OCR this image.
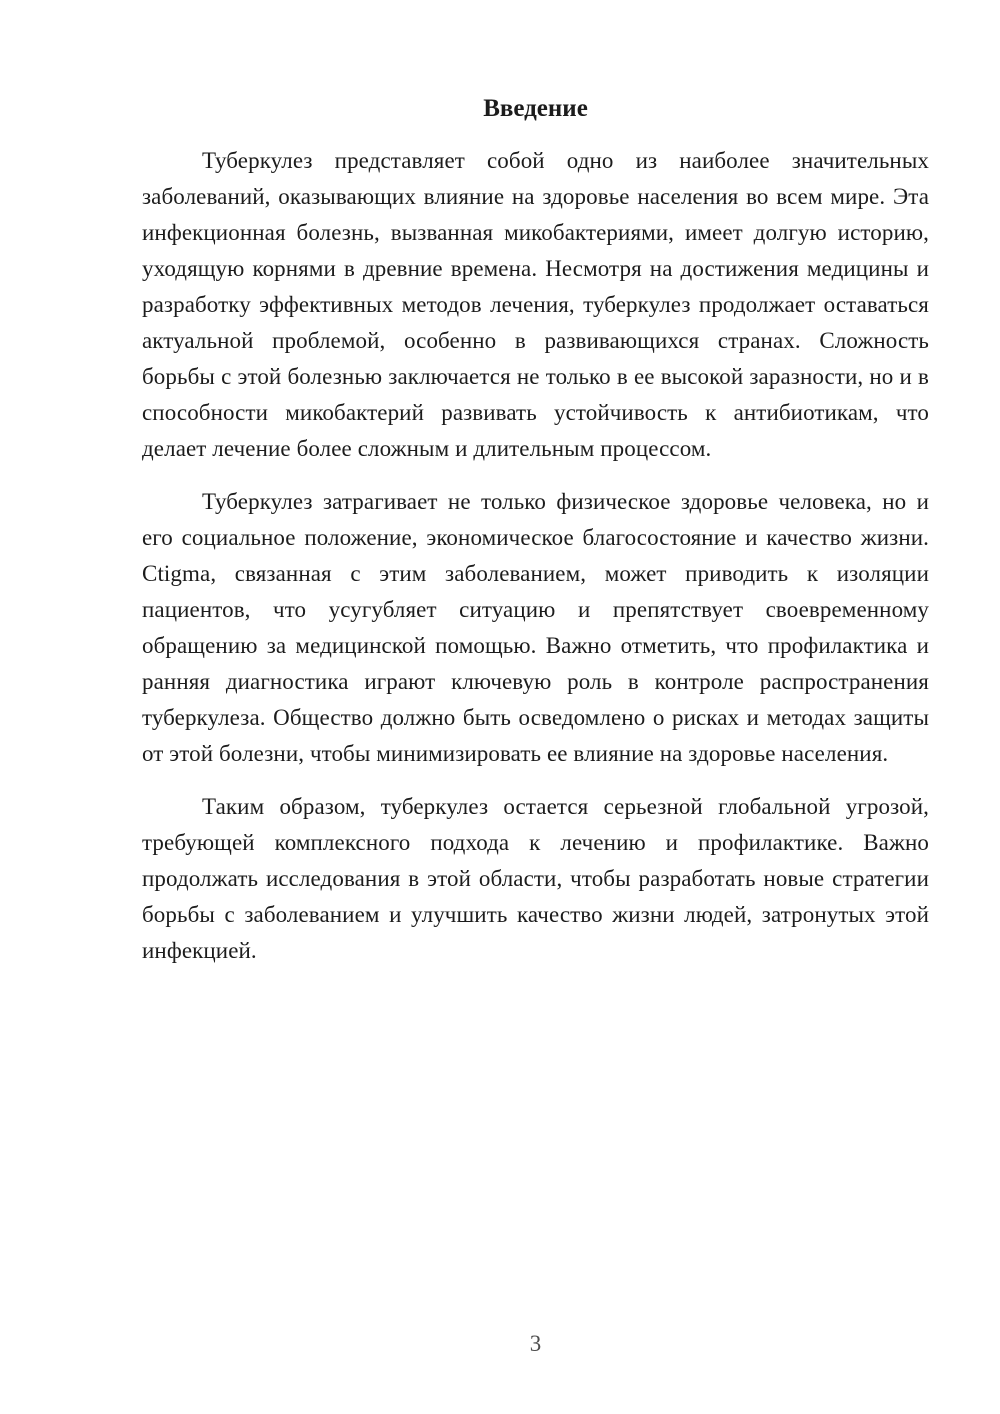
Введение

Туберкулез представляет собой одно из наиболее значительных заболеваний, оказывающих влияние на здоровье населения во всем мире. Эта инфекционная болезнь, вызванная микобактериями, имеет долгую историю, уходящую корнями в древние времена. Несмотря на достижения медицины и разработку эффективных методов лечения, туберкулез продолжает оставаться актуальной проблемой, особенно в развивающихся странах. Сложность борьбы с этой болезнью заключается не только в ее высокой заразности, но и в способности микобактерий развивать устойчивость к антибиотикам, что делает лечение более сложным и длительным процессом.

Туберкулез затрагивает не только физическое здоровье человека, но и его социальное положение, экономическое благосостояние и качество жизни. Сtigma, связанная с этим заболеванием, может приводить к изоляции пациентов, что усугубляет ситуацию и препятствует своевременному обращению за медицинской помощью. Важно отметить, что профилактика и ранняя диагностика играют ключевую роль в контроле распространения туберкулеза. Общество должно быть осведомлено о рисках и методах защиты от этой болезни, чтобы минимизировать ее влияние на здоровье населения.

Таким образом, туберкулез остается серьезной глобальной угрозой, требующей комплексного подхода к лечению и профилактике. Важно продолжать исследования в этой области, чтобы разработать новые стратегии борьбы с заболеванием и улучшить качество жизни людей, затронутых этой инфекцией.

3
